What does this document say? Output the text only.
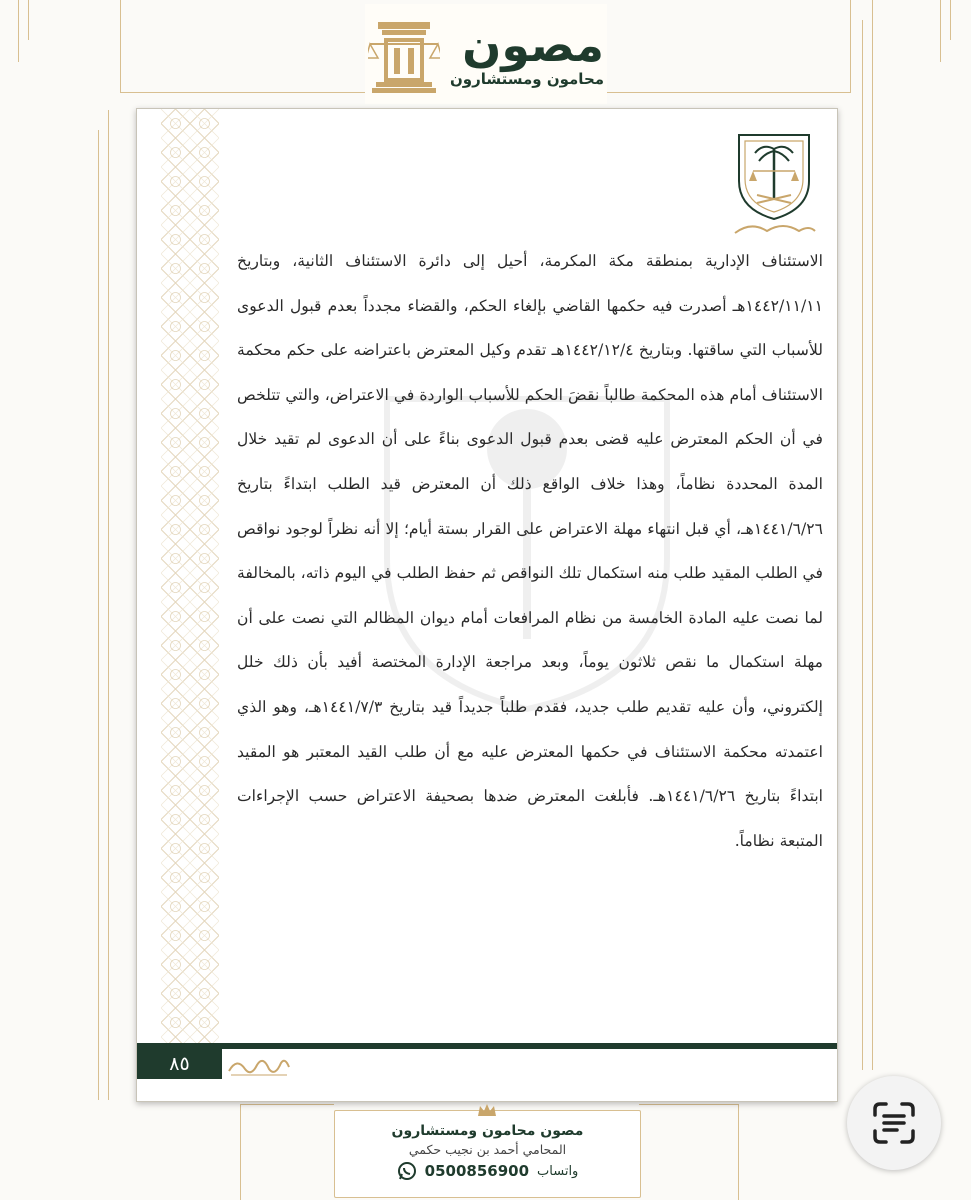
مصون
محامون ومستشارون

الاستئناف الإدارية بمنطقة مكة المكرمة، أحيل إلى دائرة الاستئناف الثانية، وبتاريخ ١٤٤٢/١١/١١هـ أصدرت فيه حكمها القاضي بإلغاء الحكم، والقضاء مجدداً بعدم قبول الدعوى للأسباب التي ساقتها. وبتاريخ ١٤٤٢/١٢/٤هـ تقدم وكيل المعترض باعتراضه على حكم محكمة الاستئناف أمام هذه المحكمة طالباً نقضَ الحكم للأسباب الواردة في الاعتراض، والتي تتلخص في أن الحكم المعترض عليه قضى بعدم قبول الدعوى بناءً على أن الدعوى لم تقيد خلال المدة المحددة نظاماً، وهذا خلاف الواقع ذلك أن المعترض قيد الطلب ابتداءً بتاريخ ١٤٤١/٦/٢٦هـ، أي قبل انتهاء مهلة الاعتراض على القرار بستة أيام؛ إلا أنه نظراً لوجود نواقص في الطلب المقيد طلب منه استكمال تلك النواقص ثم حفظ الطلب في اليوم ذاته، بالمخالفة لما نصت عليه المادة الخامسة من نظام المرافعات أمام ديوان المظالم التي نصت على أن مهلة استكمال ما نقص ثلاثون يوماً، وبعد مراجعة الإدارة المختصة أفيد بأن ذلك خلل إلكتروني، وأن عليه تقديم طلب جديد، فقدم طلباً جديداً قيد بتاريخ ١٤٤١/٧/٣هـ، وهو الذي اعتمدته محكمة الاستئناف في حكمها المعترض عليه مع أن طلب القيد المعتبر هو المقيد ابتداءً بتاريخ ١٤٤١/٦/٢٦هـ. فأبلغت المعترض ضدها بصحيفة الاعتراض حسب الإجراءات المتبعة نظاماً.

٨٥
مصون محامون ومستشارون
المحامي أحمد بن نجيب حكمي
0500856900 واتساب
